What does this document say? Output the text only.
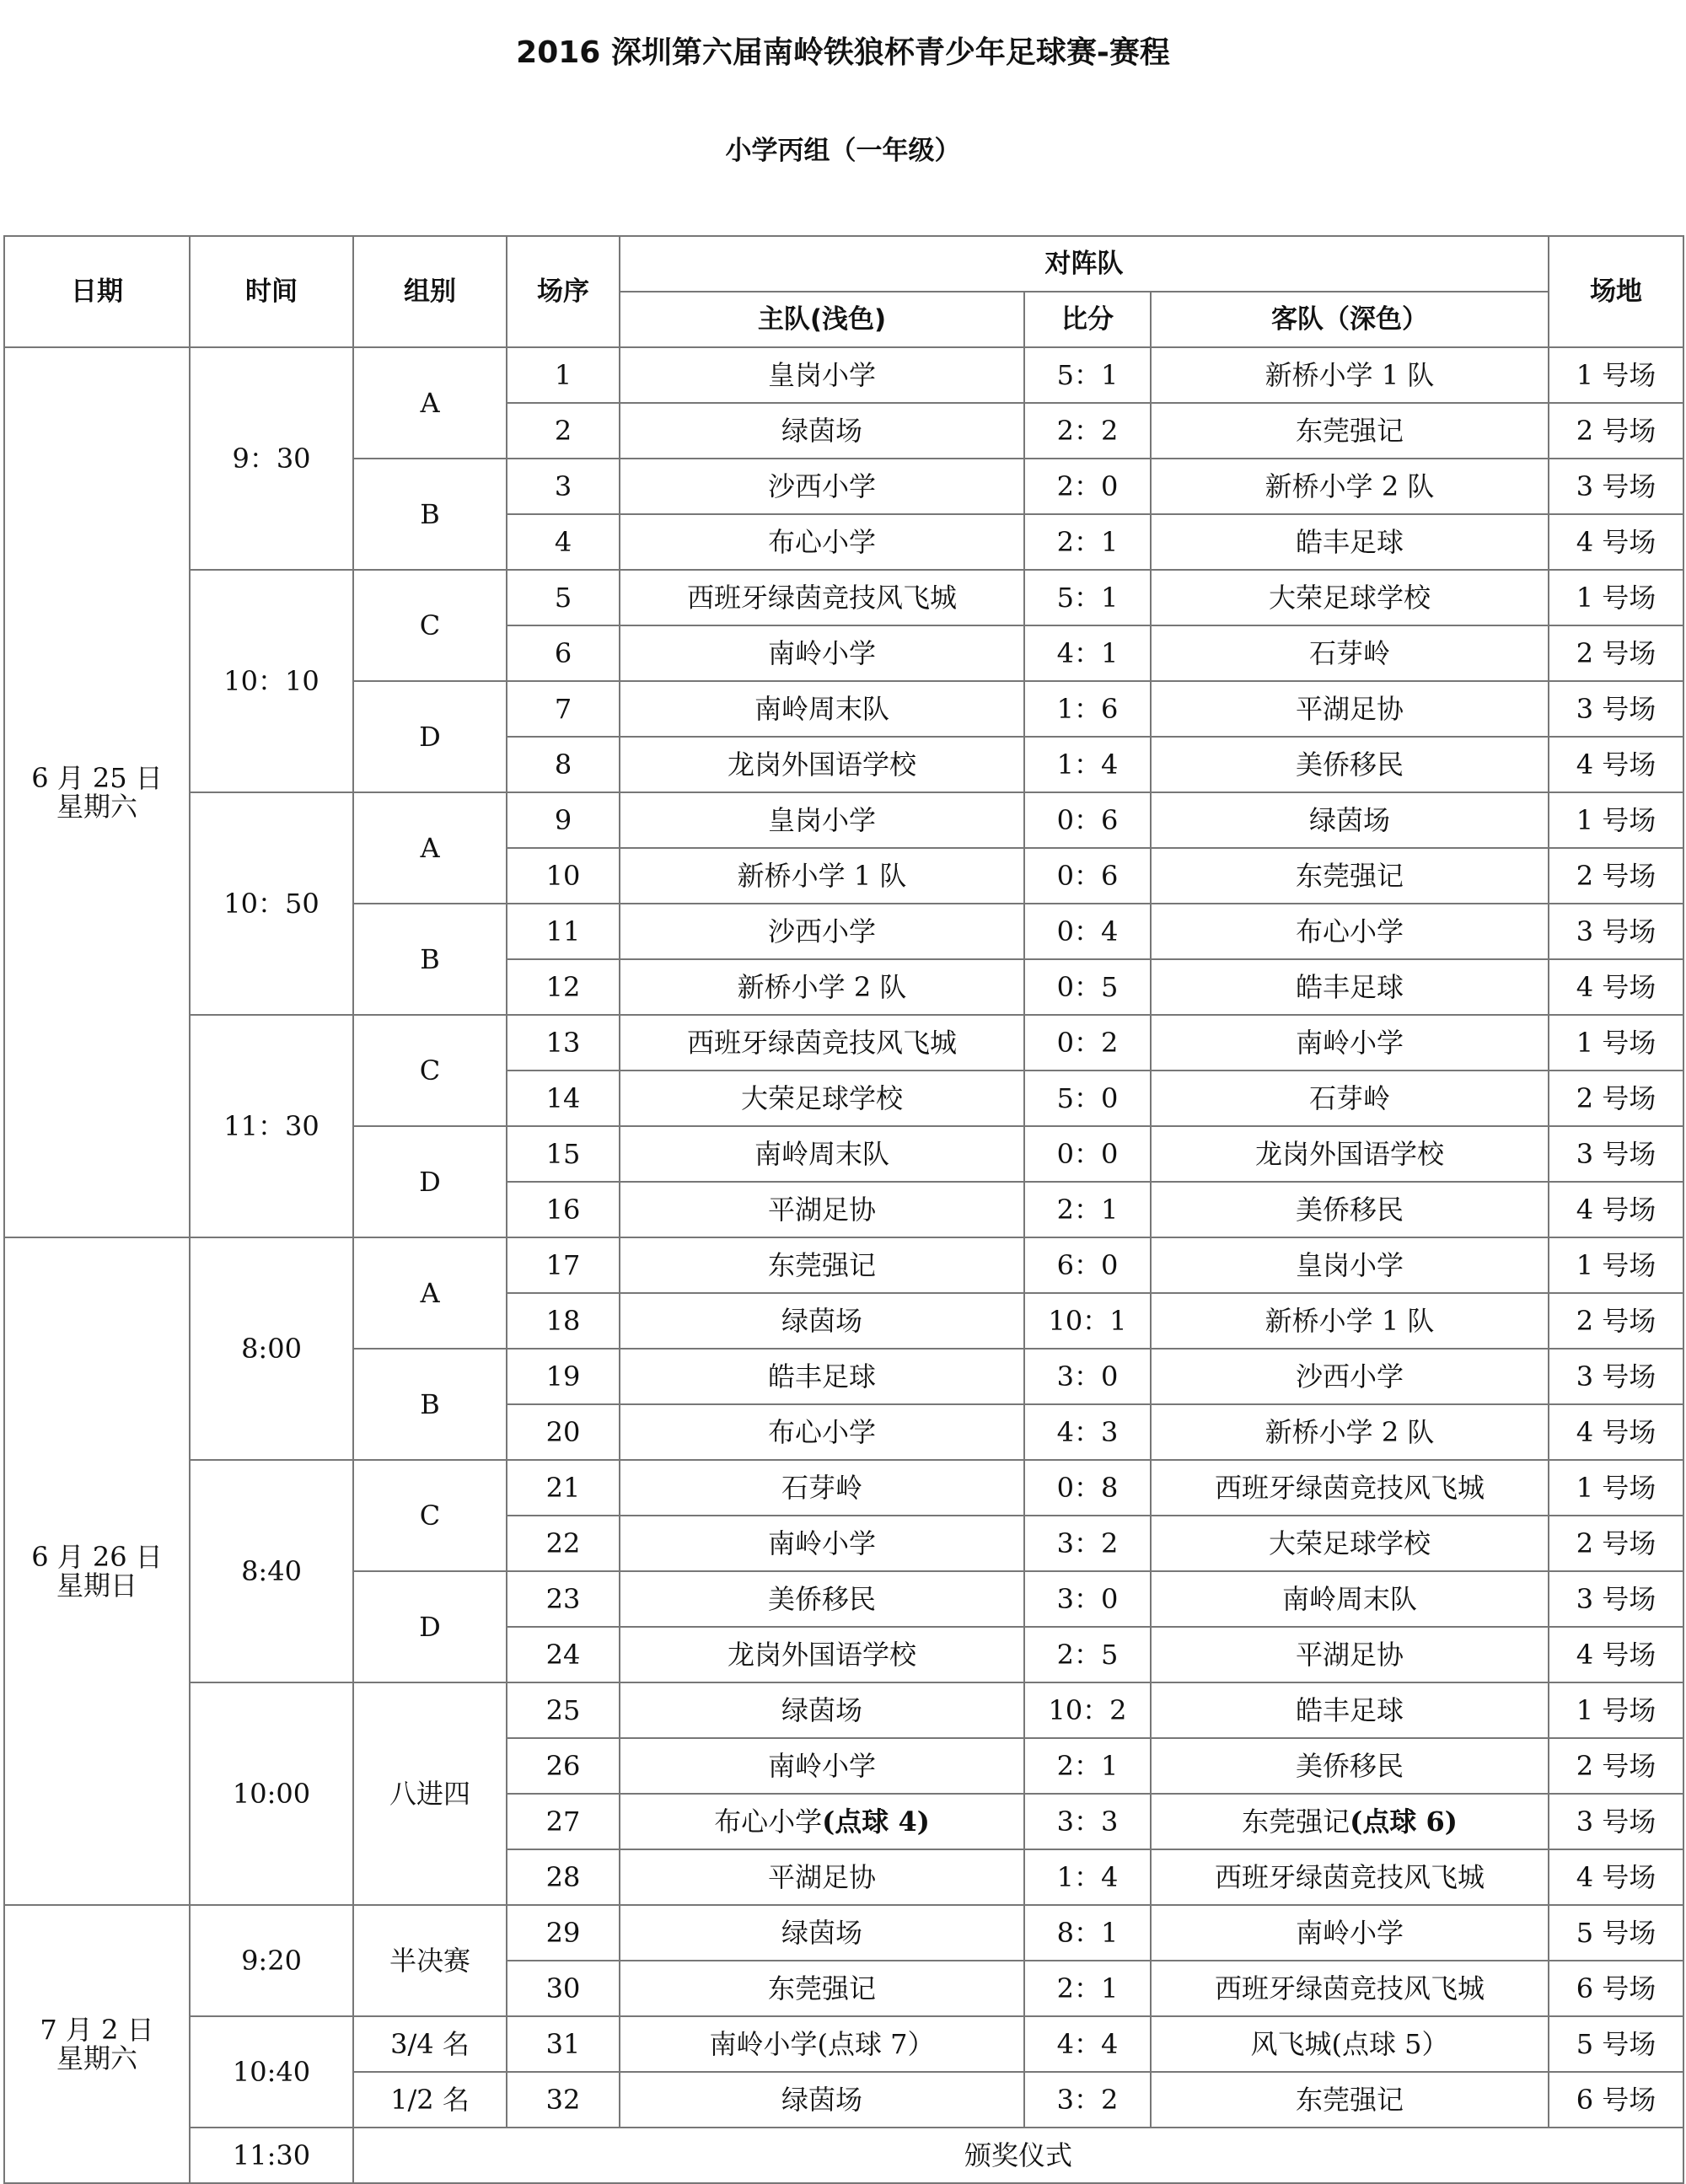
2016 深圳第六届南岭铁狼杯青少年足球赛-赛程
小学丙组（一年级）
日期	时间	组别	场序	对阵队			场地
				主队(浅色)	比分	客队（深色）	
6 月 25 日
星期六	9：30	A	1	皇岗小学	5：1	新桥小学 1 队	1 号场
			2	绿茵场	2：2	东莞强记	2 号场
		B	3	沙西小学	2：0	新桥小学 2 队	3 号场
			4	布心小学	2：1	皓丰足球	4 号场
	10：10	C	5	西班牙绿茵竞技风飞城	5：1	大荣足球学校	1 号场
			6	南岭小学	4：1	石芽岭	2 号场
		D	7	南岭周末队	1：6	平湖足协	3 号场
			8	龙岗外国语学校	1：4	美侨移民	4 号场
	10：50	A	9	皇岗小学	0：6	绿茵场	1 号场
			10	新桥小学 1 队	0：6	东莞强记	2 号场
		B	11	沙西小学	0：4	布心小学	3 号场
			12	新桥小学 2 队	0：5	皓丰足球	4 号场
	11：30	C	13	西班牙绿茵竞技风飞城	0：2	南岭小学	1 号场
			14	大荣足球学校	5：0	石芽岭	2 号场
		D	15	南岭周末队	0：0	龙岗外国语学校	3 号场
			16	平湖足协	2：1	美侨移民	4 号场
6 月 26 日
星期日	8:00	A	17	东莞强记	6：0	皇岗小学	1 号场
			18	绿茵场	10：1	新桥小学 1 队	2 号场
		B	19	皓丰足球	3：0	沙西小学	3 号场
			20	布心小学	4：3	新桥小学 2 队	4 号场
	8:40	C	21	石芽岭	0：8	西班牙绿茵竞技风飞城	1 号场
			22	南岭小学	3：2	大荣足球学校	2 号场
		D	23	美侨移民	3：0	南岭周末队	3 号场
			24	龙岗外国语学校	2：5	平湖足协	4 号场
	10:00	八进四	25	绿茵场	10：2	皓丰足球	1 号场
			26	南岭小学	2：1	美侨移民	2 号场
			27	布心小学(点球 4)	3：3	东莞强记(点球 6)	3 号场
			28	平湖足协	1：4	西班牙绿茵竞技风飞城	4 号场
7 月 2 日
星期六	9:20	半决赛	29	绿茵场	8：1	南岭小学	5 号场
			30	东莞强记	2：1	西班牙绿茵竞技风飞城	6 号场
	10:40	3/4 名	31	南岭小学(点球 7）	4：4	风飞城(点球 5）	5 号场
		1/2 名	32	绿茵场	3：2	东莞强记	6 号场
	11:30	颁奖仪式					
